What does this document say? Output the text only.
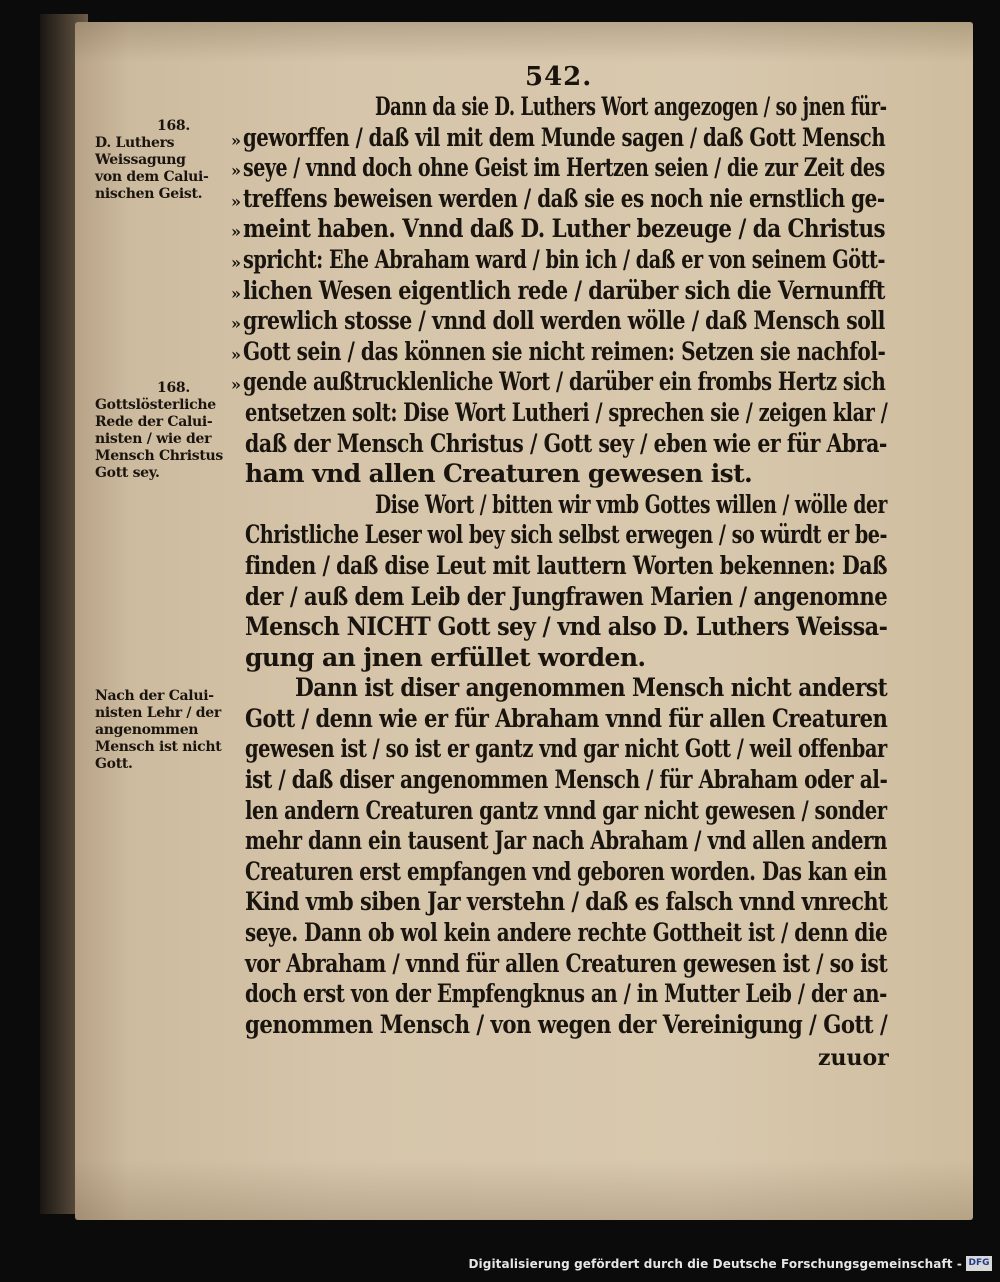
542.
168.
D. Luthers
Weissagung
von dem Calui-
nischen Geist.
168.
Gottslösterliche
Rede der Calui-
nisten / wie der
Mensch Christus
Gott sey.
Nach der Calui-
nisten Lehr / der
angenommen
Mensch ist nicht
Gott.
Dann da sie D. Luthers Wort angezogen / so jnen für-
» geworffen / daß vil mit dem Munde sagen / daß Gott Mensch
» seye / vnnd doch ohne Geist im Hertzen seien / die zur Zeit des
» treffens beweisen werden / daß sie es noch nie ernstlich ge-
» meint haben. Vnnd daß D. Luther bezeuge / da Christus
» spricht: Ehe Abraham ward / bin ich / daß er von seinem Gött-
» lichen Wesen eigentlich rede / darüber sich die Vernunfft
» grewlich stosse / vnnd doll werden wölle / daß Mensch soll
» Gott sein / das können sie nicht reimen: Setzen sie nachfol-
» gende außtrucklenliche Wort / darüber ein frombs Hertz sich
entsetzen solt: Dise Wort Lutheri / sprechen sie / zeigen klar /
daß der Mensch Christus / Gott sey / eben wie er für Abra-
ham vnd allen Creaturen gewesen ist.
Dise Wort / bitten wir vmb Gottes willen / wölle der
Christliche Leser wol bey sich selbst erwegen / so würdt er be-
finden / daß dise Leut mit lauttern Worten bekennen: Daß
der / auß dem Leib der Jungfrawen Marien / angenomne
Mensch NICHT Gott sey / vnd also D. Luthers Weissa-
gung an jnen erfüllet worden.
Dann ist diser angenommen Mensch nicht anderst
Gott / denn wie er für Abraham vnnd für allen Creaturen
gewesen ist / so ist er gantz vnd gar nicht Gott / weil offenbar
ist / daß diser angenommen Mensch / für Abraham oder al-
len andern Creaturen gantz vnnd gar nicht gewesen / sonder
mehr dann ein tausent Jar nach Abraham / vnd allen andern
Creaturen erst empfangen vnd geboren worden. Das kan ein
Kind vmb siben Jar verstehn / daß es falsch vnnd vnrecht
seye. Dann ob wol kein andere rechte Gottheit ist / denn die
vor Abraham / vnnd für allen Creaturen gewesen ist / so ist
doch erst von der Empfengknus an / in Mutter Leib / der an-
genommen Mensch / von wegen der Vereinigung / Gott /
zuuor
Digitalisierung gefördert durch die Deutsche Forschungsgemeinschaft - DFG
